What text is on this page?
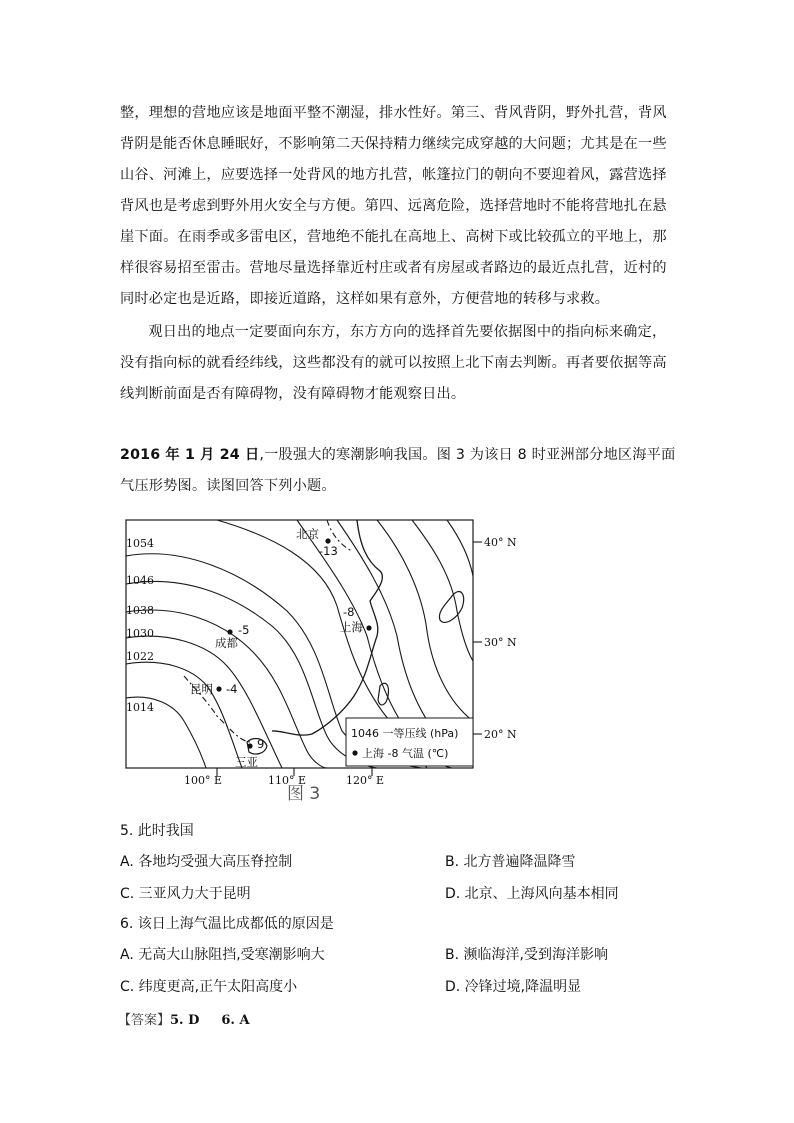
整，理想的营地应该是地面平整不潮湿，排水性好。第三、背风背阴，野外扎营，背风背阴是能否休息睡眠好，不影响第二天保持精力继续完成穿越的大问题；尤其是在一些山谷、河滩上，应要选择一处背风的地方扎营，帐篷拉门的朝向不要迎着风，露营选择背风也是考虑到野外用火安全与方便。第四、远离危险，选择营地时不能将营地扎在悬崖下面。在雨季或多雷电区，营地绝不能扎在高地上、高树下或比较孤立的平地上，那样很容易招至雷击。营地尽量选择靠近村庄或者有房屋或者路边的最近点扎营，近村的同时必定也是近路，即接近道路，这样如果有意外，方便营地的转移与求救。
观日出的地点一定要面向东方，东方方向的选择首先要依据图中的指向标来确定，没有指向标的就看经纬线，这些都没有的就可以按照上北下南去判断。再者要依据等高线判断前面是否有障碍物，没有障碍物才能观察日出。
2016 年 1 月 24 日,一股强大的寒潮影响我国。图 3 为该日 8 时亚洲部分地区海平面气压形势图。读图回答下列小题。
1054
1046
1038
1030
1022
1014
北京
-13
上海
-8
成都
-5
昆明 -4
三亚
9
40° N
30° N
20° N
100° E	110° E	120° E
1046 一等压线 (hPa)
上海 -8 气温 (℃)
图 3
5. 此时我国
A. 各地均受强大高压脊控制	B. 北方普遍降温降雪
C. 三亚风力大于昆明	D. 北京、上海风向基本相同
6. 该日上海气温比成都低的原因是
A. 无高大山脉阻挡,受寒潮影响大	B. 濒临海洋,受到海洋影响
C. 纬度更高,正午太阳高度小	D. 冷锋过境,降温明显
【答案】5. D 6. A
